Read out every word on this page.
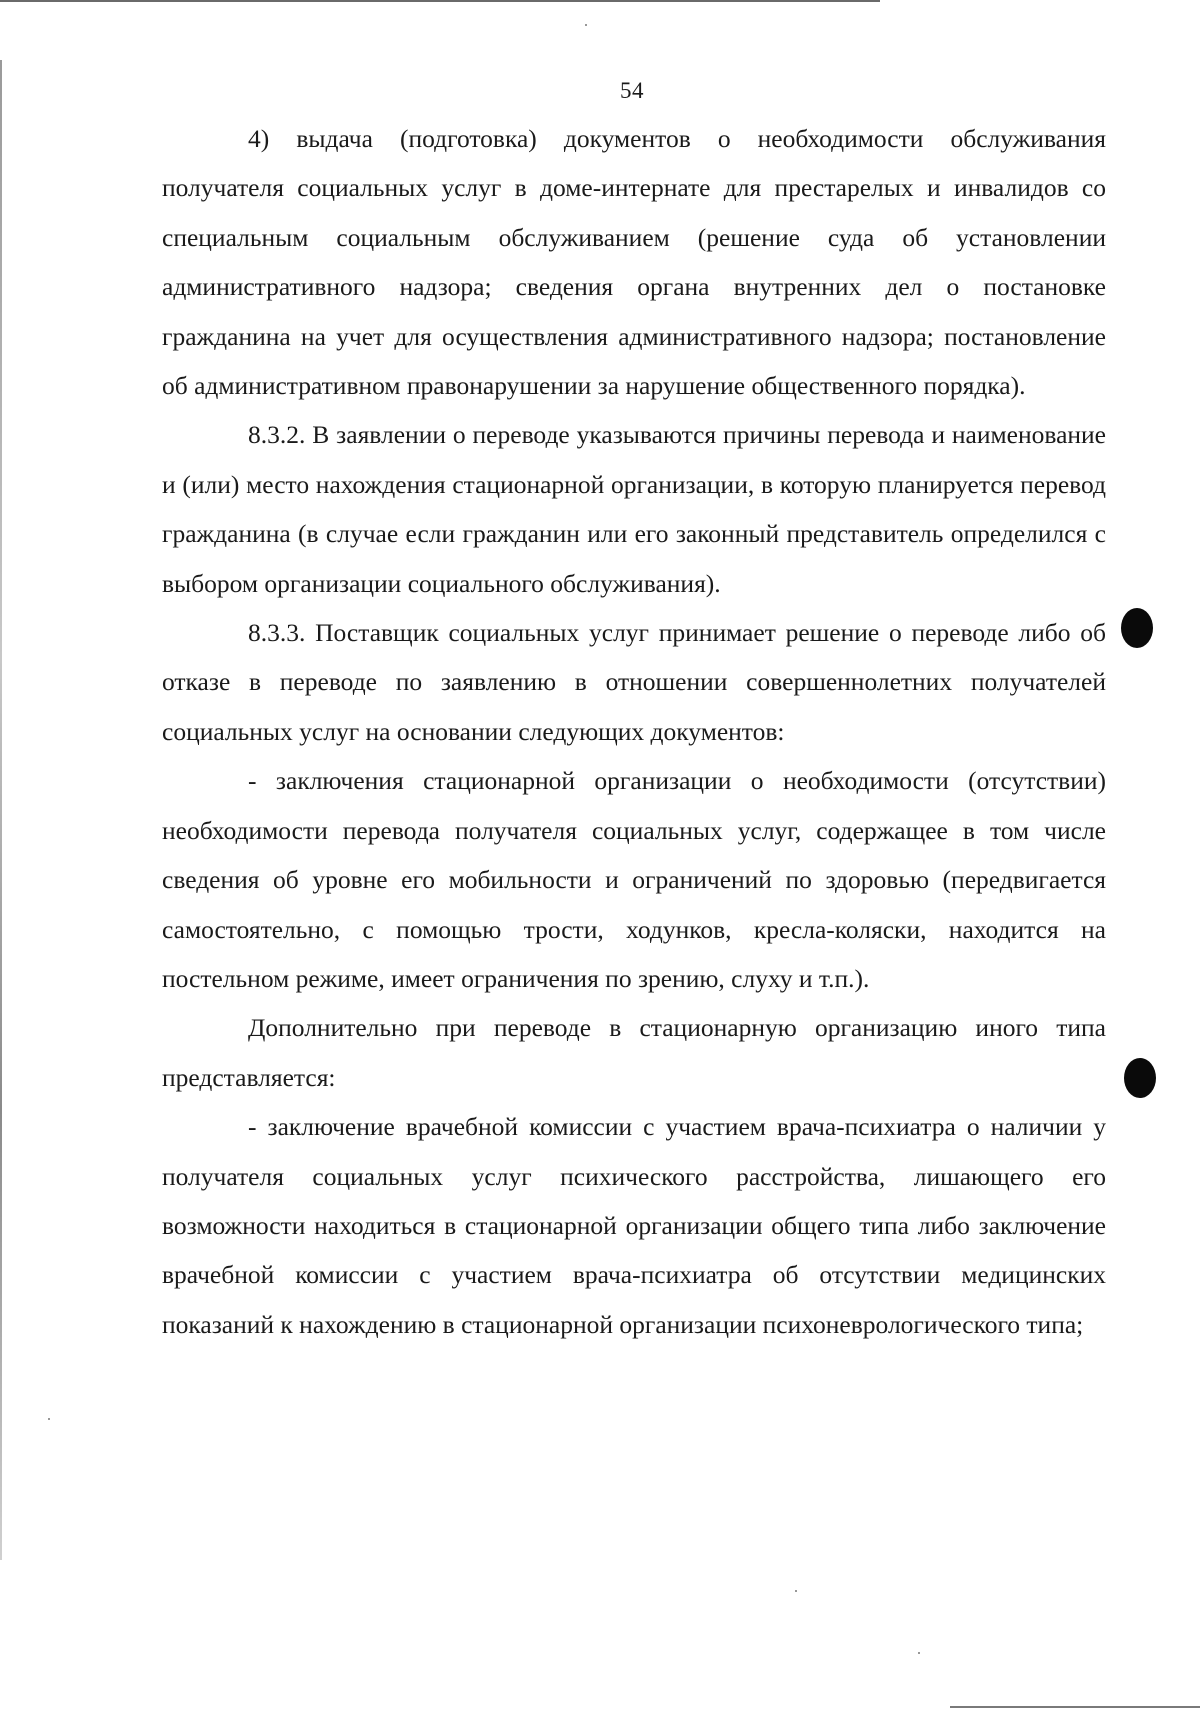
54

4) выдача (подготовка) документов о необходимости обслуживания получателя социальных услуг в доме-интернате для престарелых и инвалидов со специальным социальным обслуживанием (решение суда об установлении административного надзора; сведения органа внутренних дел о постановке гражданина на учет для осуществления административного надзора; постановление об административном правонарушении за нарушение общественного порядка).

8.3.2. В заявлении о переводе указываются причины перевода и наименование и (или) место нахождения стационарной организации, в которую планируется перевод гражданина (в случае если гражданин или его законный представитель определился с выбором организации социального обслуживания).

8.3.3. Поставщик социальных услуг принимает решение о переводе либо об отказе в переводе по заявлению в отношении совершеннолетних получателей социальных услуг на основании следующих документов:

- заключения стационарной организации о необходимости (отсутствии) необходимости перевода получателя социальных услуг, содержащее в том числе сведения об уровне его мобильности и ограничений по здоровью (передвигается самостоятельно, с помощью трости, ходунков, кресла-коляски, находится на постельном режиме, имеет ограничения по зрению, слуху и т.п.).

Дополнительно при переводе в стационарную организацию иного типа представляется:

- заключение врачебной комиссии с участием врача-психиатра о наличии у получателя социальных услуг психического расстройства, лишающего его возможности находиться в стационарной организации общего типа либо заключение врачебной комиссии с участием врача-психиатра об отсутствии медицинских показаний к нахождению в стационарной организации психоневрологического типа;
